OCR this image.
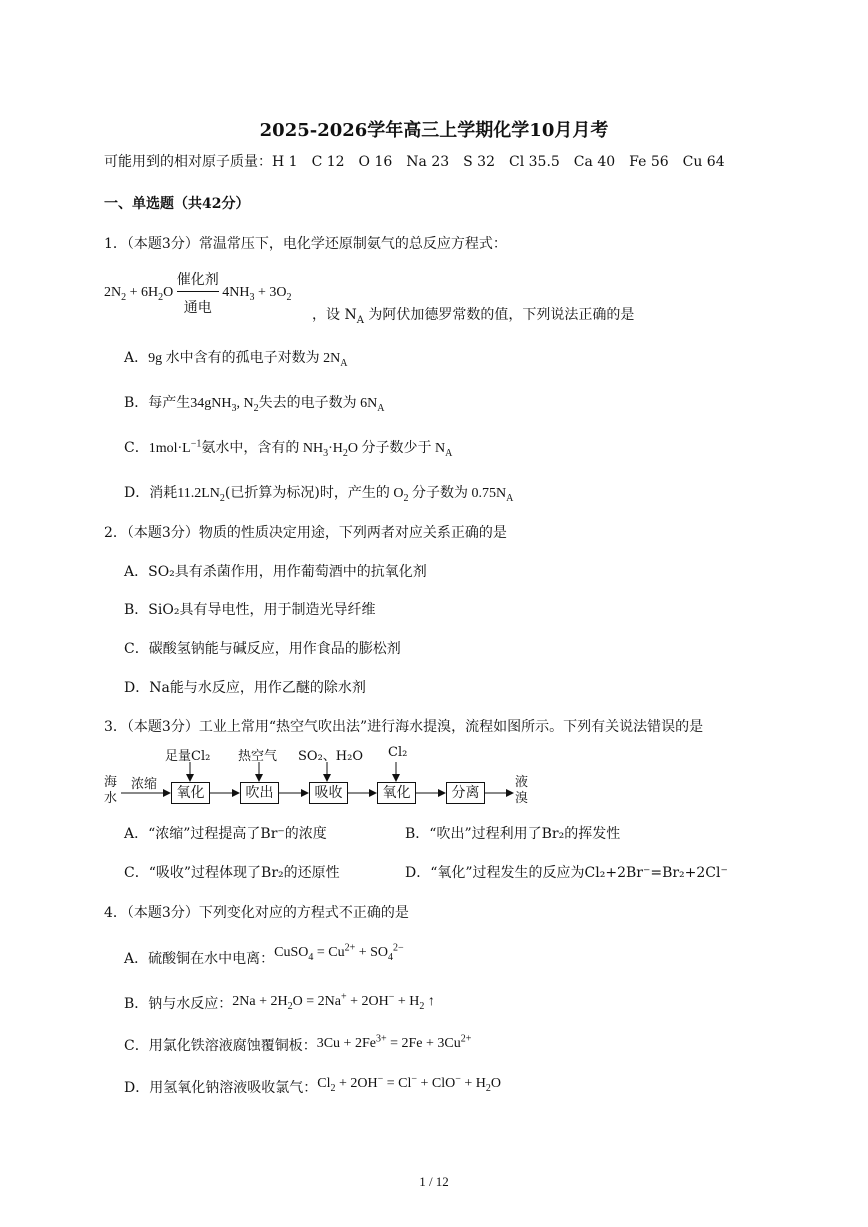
2025-2026学年高三上学期化学10月月考
可能用到的相对原子质量：H 1　C 12　O 16　Na 23　S 32　Cl 35.5　Ca 40　Fe 56　Cu 64
一、单选题（共42分）
1．（本题3分）常温常压下，电化学还原制氨气的总反应方程式：
$2N_2 + 6H_2O$
催化剂
通电
$4NH_3 + 3O_2$
，设 $N_A$ 为阿伏加德罗常数的值，下列说法正确的是
A．9g 水中含有的孤电子对数为 $2N_A$
B．每产生34gNH$_3$, $N_2$失去的电子数为 $6N_A$
C．$1mol\cdot L^{-1}$氨水中，含有的 $NH_3\cdot H_2O$ 分子数少于 $N_A$
D．消耗$11.2LN_2$(已折算为标况)时，产生的 $O_2$ 分子数为 $0.75N_A$
2．（本题3分）物质的性质决定用途，下列两者对应关系正确的是
A．SO₂具有杀菌作用，用作葡萄酒中的抗氧化剂
B．SiO₂具有导电性，用于制造光导纤维
C．碳酸氢钠能与碱反应，用作食品的膨松剂
D．Na能与水反应，用作乙醚的除水剂
3．（本题3分）工业上常用“热空气吹出法”进行海水提溴，流程如图所示。下列有关说法错误的是
足量Cl₂ 热空气 SO₂、H₂O Cl₂
海水
浓缩	液溴
氧化	吹出	吸收	氧化	分离
A．“浓缩”过程提高了Br⁻的浓度	B．“吹出”过程利用了Br₂的挥发性
C．“吸收”过程体现了Br₂的还原性	D．“氧化”过程发生的反应为Cl₂+2Br⁻=Br₂+2Cl⁻
4．（本题3分）下列变化对应的方程式不正确的是
A．硫酸铜在水中电离：CuSO$_4$ = $Cu^{2+} + SO_4^{2-}$
B．钠与水反应：$2Na + 2H_2O = 2Na^+ + 2OH^- + H_2$ ↑
C．用氯化铁溶液腐蚀覆铜板：$3Cu + 2Fe^{3+} = 2Fe + 3Cu^{2+}$
D．用氢氧化钠溶液吸收氯气：$Cl_2 + 2OH^- = Cl^- + ClO^- + H_2O$
1 / 12
